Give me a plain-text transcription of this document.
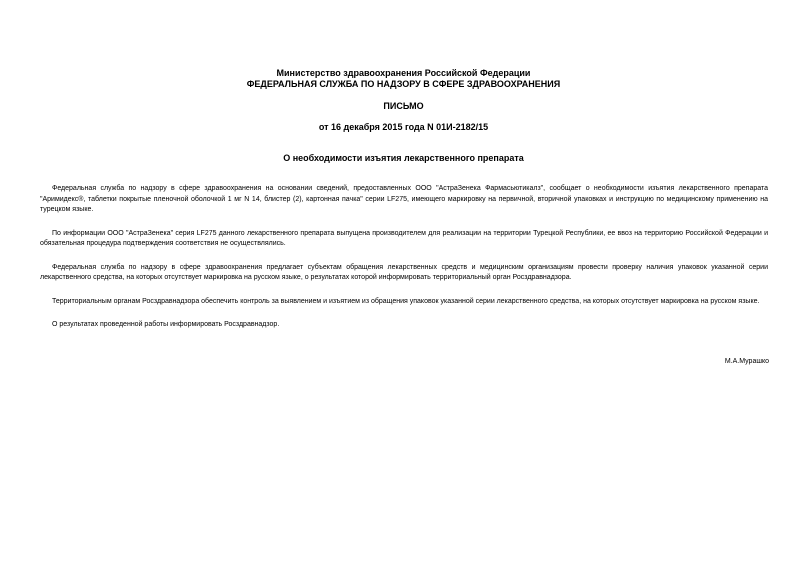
Министерство здравоохранения Российской Федерации
ФЕДЕРАЛЬНАЯ СЛУЖБА ПО НАДЗОРУ В СФЕРЕ ЗДРАВООХРАНЕНИЯ
ПИСЬМО
от 16 декабря 2015 года N 01И-2182/15
О необходимости изъятия лекарственного препарата

Федеральная служба по надзору в сфере здравоохранения на основании сведений, предоставленных ООО "АстраЗенека Фармасьютикалз", сообщает о необходимости изъятия лекарственного препарата "Аримидекс®, таблетки покрытые пленочной оболочкой 1 мг N 14, блистер (2), картонная пачка" серии LF275, имеющего маркировку на первичной, вторичной упаковках и инструкцию по медицинскому применению на турецком языке.

По информации ООО "АстраЗенека" серия LF275 данного лекарственного препарата выпущена производителем для реализации на территории Турецкой Республики, ее ввоз на территорию Российской Федерации и обязательная процедура подтверждения соответствия не осуществлялись.

Федеральная служба по надзору в сфере здравоохранения предлагает субъектам обращения лекарственных средств и медицинским организациям провести проверку наличия упаковок указанной серии лекарственного средства, на которых отсутствует маркировка на русском языке, о результатах которой информировать территориальный орган Росздравнадзора.

Территориальным органам Росздравнадзора обеспечить контроль за выявлением и изъятием из обращения упаковок указанной серии лекарственного средства, на которых отсутствует маркировка на русском языке.

О результатах проведенной работы информировать Росздравнадзор.

М.А.Мурашко
